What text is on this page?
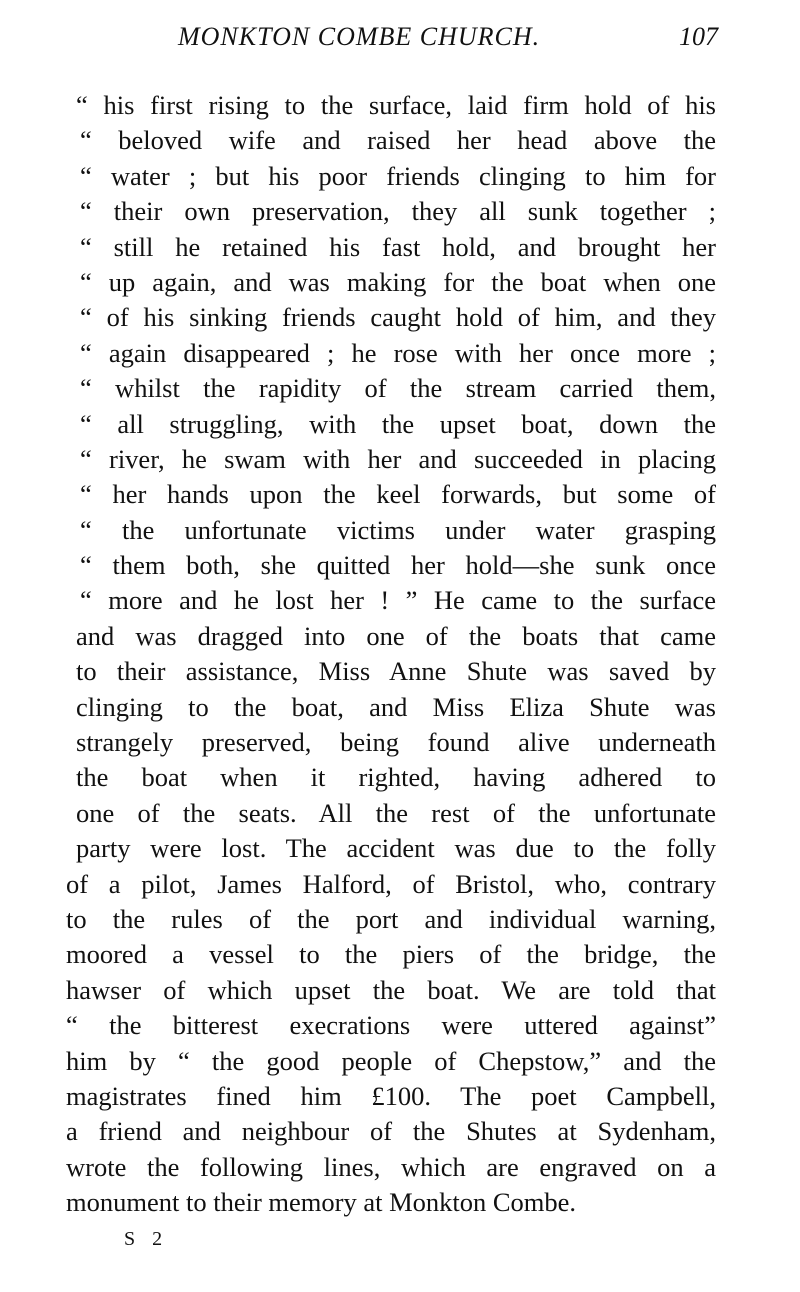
MONKTON COMBE CHURCH.	107
“ his first rising to the surface, laid firm hold of his
“ beloved wife and raised her head above the
“ water ; but his poor friends clinging to him for
“ their own preservation, they all sunk together ;
“ still he retained his fast hold, and brought her
“ up again, and was making for the boat when one
“ of his sinking friends caught hold of him, and they
“ again disappeared ; he rose with her once more ;
“ whilst the rapidity of the stream carried them,
“ all struggling, with the upset boat, down the
“ river, he swam with her and succeeded in placing
“ her hands upon the keel forwards, but some of
“ the unfortunate victims under water grasping
“ them both, she quitted her hold—she sunk once
“ more and he lost her ! ” He came to the surface
and was dragged into one of the boats that came
to their assistance, Miss Anne Shute was saved by
clinging to the boat, and Miss Eliza Shute was
strangely preserved, being found alive underneath
the boat when it righted, having adhered to
one of the seats. All the rest of the unfortunate
party were lost. The accident was due to the folly
of a pilot, James Halford, of Bristol, who, contrary
to the rules of the port and individual warning,
moored a vessel to the piers of the bridge, the
hawser of which upset the boat. We are told that
“ the bitterest execrations were uttered against”
him by “ the good people of Chepstow,” and the
magistrates fined him £100. The poet Campbell,
a friend and neighbour of the Shutes at Sydenham,
wrote the following lines, which are engraved on a
monument to their memory at Monkton Combe.
S 2
